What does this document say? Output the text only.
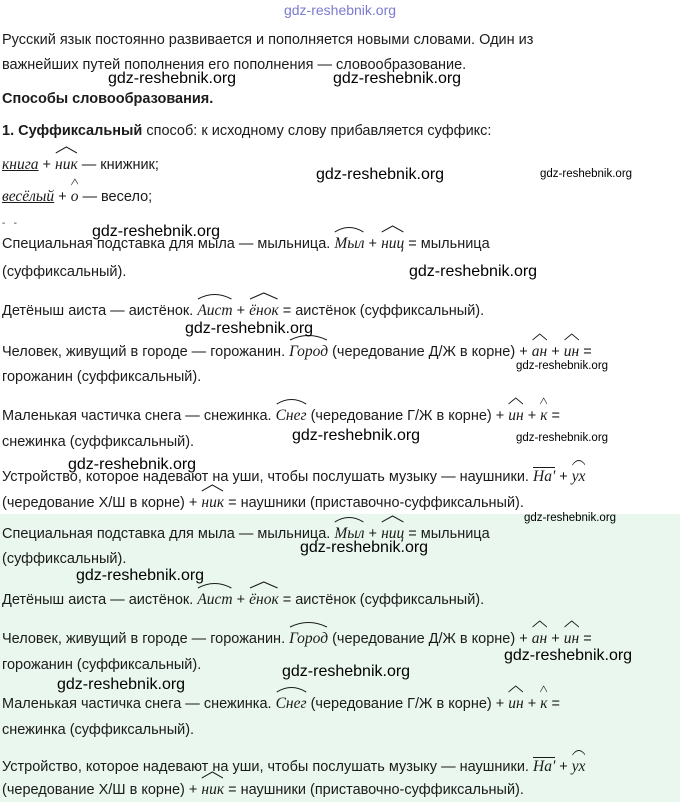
gdz-reshebnik.org
Русский язык постоянно развивается и пополняется новыми словами. Один из
важнейших путей пополнения его пополнения — словообразование.
Способы словообразования.
1. Суффиксальный способ: к исходному слову прибавляется суффикс:
книга +
ник — книжник;
весёлый +
о — весело;
‐   ‐
Специальная подставка для мыла — мыльница.
Мыл +
ниц = мыльница
(суффиксальный).
Детёныш аиста — аистёнок.
Аист +
ёнок = аистёнок (суффиксальный).
Человек, живущий в городе — горожанин.
Город (чередование Д/Ж в корне) +
ан +
ин =
горожанин (суффиксальный).
Маленькая частичка снега — снежинка.
Снег (чередование Г/Ж в корне) +
ин +
к =
снежинка (суффиксальный).
Устройство, которое надевают на уши, чтобы послушать музыку — наушники. На' +
ух
(чередование Х/Ш в корне) +
ник = наушники (приставочно-суффиксальный).
Специальная подставка для мыла — мыльница.
Мыл +
ниц = мыльница
(суффиксальный).
Детёныш аиста — аистёнок.
Аист +
ёнок = аистёнок (суффиксальный).
Человек, живущий в городе — горожанин.
Город (чередование Д/Ж в корне) +
ан +
ин =
горожанин (суффиксальный).
Маленькая частичка снега — снежинка.
Снег (чередование Г/Ж в корне) +
ин +
к =
снежинка (суффиксальный).
Устройство, которое надевают на уши, чтобы послушать музыку — наушники. На' +
ух
(чередование Х/Ш в корне) +
ник = наушники (приставочно-суффиксальный).
gdz-reshebnik.org	gdz-reshebnik.org
gdz-reshebnik.org	gdz-reshebnik.org
gdz-reshebnik.org
gdz-reshebnik.org
gdz-reshebnik.org
gdz-reshebnik.org
gdz-reshebnik.org	gdz-reshebnik.org
gdz-reshebnik.org
gdz-reshebnik.org
gdz-reshebnik.org
gdz-reshebnik.org
gdz-reshebnik.org
gdz-reshebnik.org
gdz-reshebnik.org
